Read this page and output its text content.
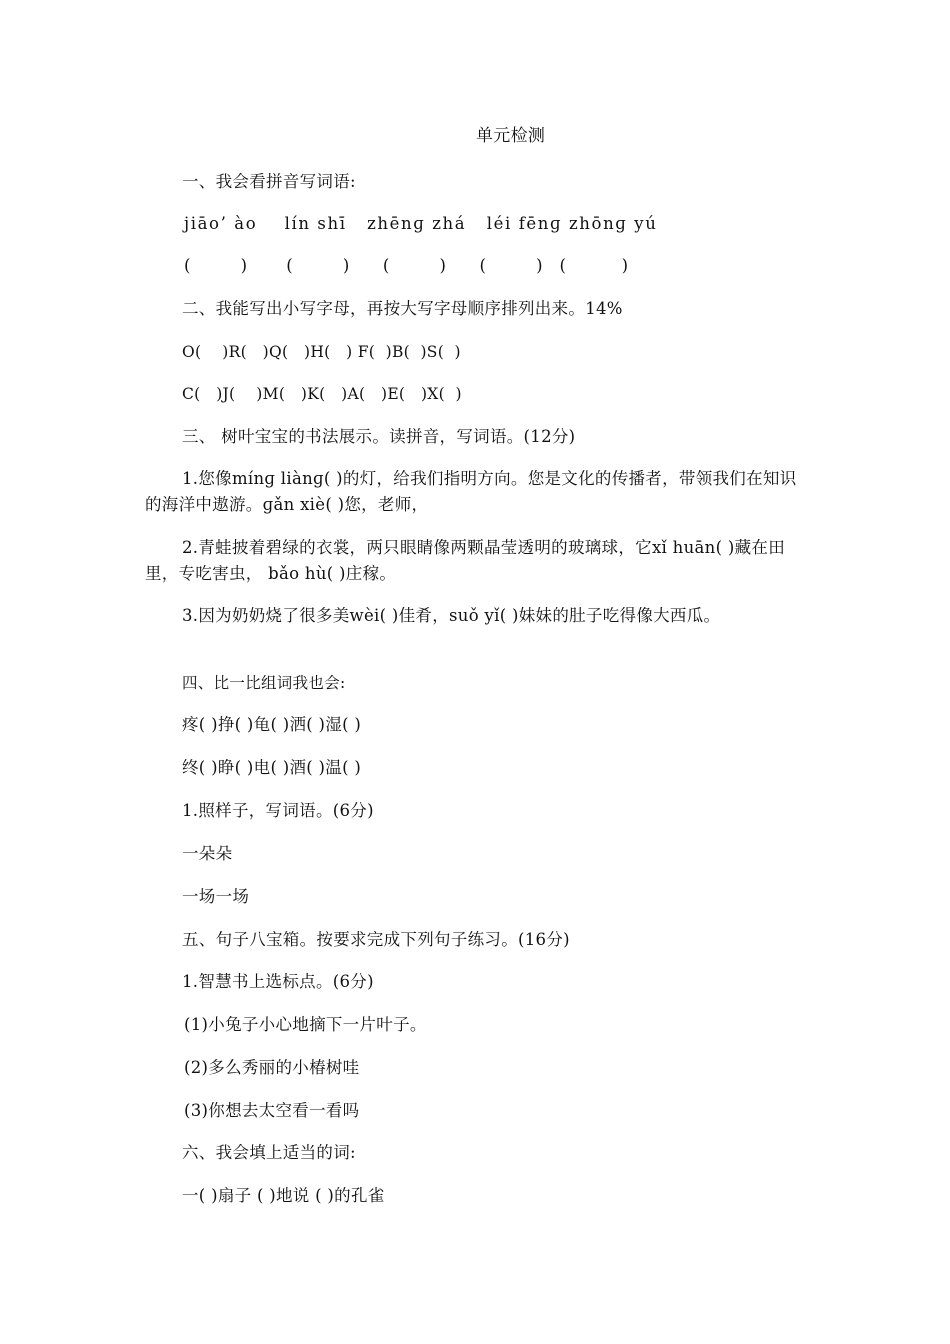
单元检测
一、我会看拼音写词语:
jiāo’ ào    lín shī   zhēnɡ zhá   léi fēnɡ zhōnɡ yú
(         )       (         )      (         )      (         )   (          )
二、我能写出小写字母，再按大写字母顺序排列出来。14%
O(    )R(   )Q(   )H(   ) F(  )B(  )S(  )
C(   )J(    )M(   )K(   )A(   )E(   )X(  )
三、 树叶宝宝的书法展示。读拼音，写词语。(12分)
1.您像mínɡ liànɡ( )的灯，给我们指明方向。您是文化的传播者，带领我们在知识的海洋中遨游。ɡǎn xiè( )您，老师，
2.青蛙披着碧绿的衣裳，两只眼睛像两颗晶莹透明的玻璃球，它xǐ huān( )藏在田里，专吃害虫， bǎo hù( )庄稼。
3.因为奶奶烧了很多美wèi( )佳肴，suǒ yǐ( )妹妹的肚子吃得像大西瓜。
四、比一比组词我也会:
疼( )挣( )龟( )洒( )湿( )
终( )睁( )电( )酒( )温( )
1.照样子，写词语。(6分)
一朵朵
一场一场
五、句子八宝箱。按要求完成下列句子练习。(16分)
1.智慧书上选标点。(6分)
(1)小兔子小心地摘下一片叶子。
(2)多么秀丽的小椿树哇
(3)你想去太空看一看吗
六、我会填上适当的词:
一( )扇子 ( )地说 ( )的孔雀
